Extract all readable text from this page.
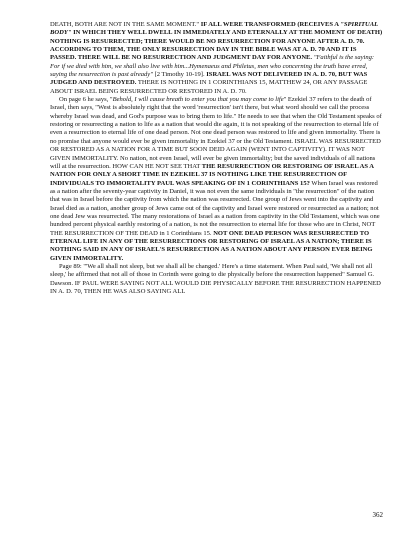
DEATH, BOTH ARE NOT IN THE SAME MOMENT." IF ALL WERE TRANSFORMED (RECEIVES A "SPIRITUAL BODY" IN WHICH THEY WELL DWELL IN IMMEDIATELY AND ETERNALLY AT THE MOMENT OF DEATH) NOTHING IS RESURRECTED; THERE WOULD BE NO RESURRECTION FOR ANYONE AFTER A. D. 70. ACCORDING TO THEM, THE ONLY RESURRECTION DAY IN THE BIBLE WAS AT A. D. 70 AND IT IS PASSED. THERE WILL BE NO RESURRECTION AND JUDGMENT DAY FOR ANYONE. "Faithful is the saying: For if we died with him, we shall also live with him...Hymenaeus and Philetus, men who concerning the truth have erred, saying the resurrection is past already" [2 Timothy 10-19]. ISRAEL WAS NOT DELIVERED IN A. D. 70, BUT WAS JUDGED AND DESTROYED. THERE IS NOTHING IN 1 CORINTHIANS 15, MATTHEW 24, OR ANY PASSAGE ABOUT ISRAEL BEING RESURRECTED OR RESTORED IN A. D. 70.

On page 6 he says, "Behold, I will cause breath to enter you that you may come to life" Ezekiel 37 refers to the death of Israel, then says, "West is absolutely right that the word 'resurrection' isn't there, but what word should we call the process whereby Israel was dead, and God's purpose was to bring them to life." He needs to see that when the Old Testament speaks of restoring or resurrecting a nation to life as a nation that would die again, it is not speaking of the resurrection to eternal life of even a resurrection to eternal life of one dead person. Not one dead person was restored to life and given immortality. There is no promise that anyone would ever be given immortality in Ezekiel 37 or the Old Testament. ISRAEL WAS RESURRECTED OR RESTORED AS A NATION FOR A TIME BUT SOON DEID AGAIN (WENT INTO CAPTIVITY). IT WAS NOT GIVEN IMMORTALITY. No nation, not even Israel, will ever be given immortality; but the saved individuals of all nations will at the resurrection. HOW CAN HE NOT SEE THAT THE RESURRECTION OR RESTORING OF ISRAEL AS A NATION FOR ONLY A SHORT TIME IN EZEKIEL 37 IS NOTHING LIKE THE RESURRECTION OF INDIVIDUALS TO IMMORTALITY PAUL WAS SPEAKING OF IN 1 CORINTHIANS 15? When Israel was restored as a nation after the seventy-year captivity in Daniel, it was not even the same individuals in "the resurrection" of the nation that was in Israel before the captivity from which the nation was resurrected. One group of Jews went into the captivity and Israel died as a nation, another group of Jews came out of the captivity and Israel were restored or resurrected as a nation; not one dead Jew was resurrected. The many restorations of Israel as a nation from captivity in the Old Testament, which was one hundred percent physical earthly restoring of a nation, is not the resurrection to eternal life for those who are in Christ, NOT THE RESURRECTION OF THE DEAD in 1 Corinthians 15. NOT ONE DEAD PERSON WAS RESURRECTED TO ETERNAL LIFE IN ANY OF THE RESURRECTIONS OR RESTORING OF ISRAEL AS A NATION; THERE IS NOTHING SAID IN ANY OF ISRAEL'S RESURRECTION AS A NATION ABOUT ANY PERSON EVER BEING GIVEN IMMORTALITY.

Page 89: "'We all shall not sleep, but we shall all be changed.' Here's a time statement. When Paul said, 'We shall not all sleep,' he affirmed that not all of those in Corinth were going to die physically before the resurrection happened" Samuel G. Dawson. IF PAUL WERE SAYING NOT ALL WOULD DIE PHYSICALLY BEFORE THE RESURRECTION HAPPENED IN A. D. 70, THEN HE WAS ALSO SAYING ALL

362
